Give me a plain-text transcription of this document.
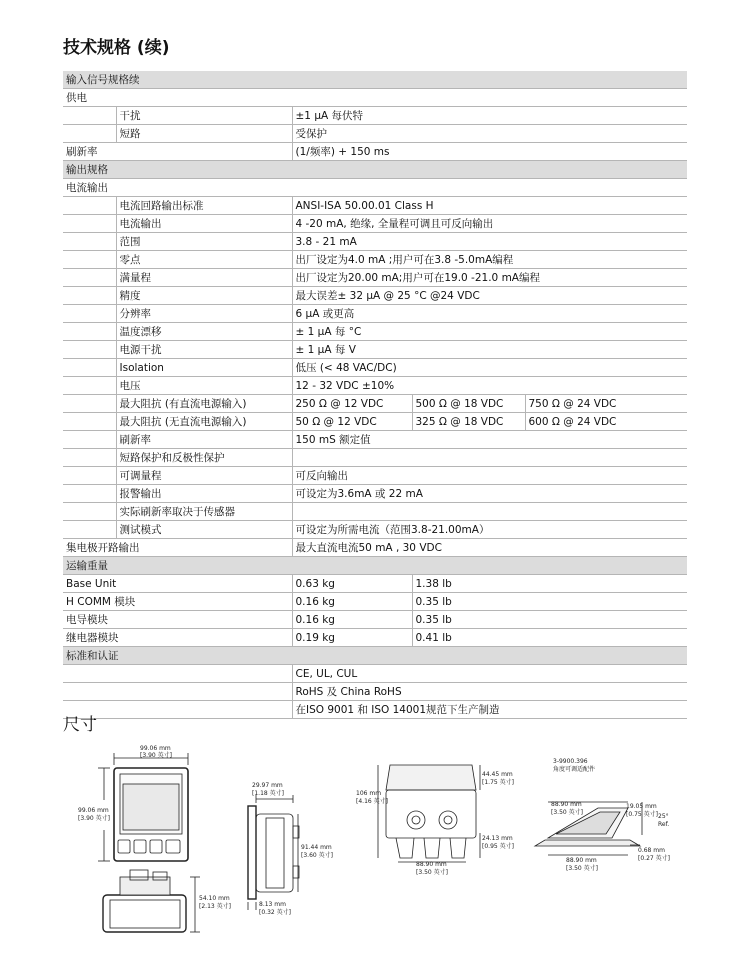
技术规格 (续)
输入信号规格续				
供电				
	干扰	±1 µA 每伏特		
	短路	受保护		
刷新率		(1/频率) + 150 ms		
输出规格				
电流输出				
	电流回路输出标准	ANSI-ISA 50.00.01 Class H		
	电流输出	4 -20 mA, 绝缘, 全量程可调且可反向输出		
	范围	3.8 - 21 mA		
	零点	出厂设定为4.0 mA ;用户可在3.8 -5.0mA编程		
	满量程	出厂设定为20.00 mA;用户可在19.0 -21.0 mA编程		
	精度	最大误差± 32 µA @ 25 °C @24 VDC		
	分辨率	6 µA 或更高		
	温度漂移	± 1 µA 每 °C		
	电源干扰	± 1 µA 每 V		
	Isolation	低压 (< 48 VAC/DC)		
	电压	12 - 32 VDC ±10%		
	最大阻抗 (有直流电源输入)	250 Ω @ 12 VDC	500 Ω @ 18 VDC	750 Ω @ 24 VDC
	最大阻抗 (无直流电源输入)	50 Ω @ 12 VDC	325 Ω @ 18 VDC	600 Ω @ 24 VDC
	刷新率	150 mS 额定值		
	短路保护和反极性保护			
	可调量程	可反向输出		
	报警输出	可设定为3.6mA 或 22 mA		
	实际刷新率取决于传感器			
	测试模式	可设定为所需电流（范围3.8-21.00mA）		
集电极开路输出		最大直流电流50 mA , 30 VDC		
运输重量				
Base Unit		0.63 kg	1.38 lb	
H COMM 模块		0.16 kg	0.35 lb	
电导模块		0.16 kg	0.35 lb	
继电器模块		0.19 kg	0.41 lb	
标准和认证				
		CE, UL, CUL		
		RoHS 及 China RoHS		
		在ISO 9001 和 ISO 14001规范下生产制造		
尺寸
99.06 mm
[3.90 英寸]
99.06 mm
[3.90 英寸]
29.97 mm
[1.18 英寸]
91.44 mm
[3.60 英寸]
8.13 mm
[0.32 英寸]
54.10 mm
[2.13 英寸]
106 mm
[4.16 英寸]
44.45 mm
[1.75 英寸]
24.13 mm
[0.95 英寸]
88.90 mm
[3.50 英寸]
3-9900.396
角度可调适配件
88.90 mm
[3.50 英寸]
19.05 mm
[0.75 英寸] 25°
Ref.
0.68 mm
[0.27 英寸]
88.90 mm
[3.50 英寸]
